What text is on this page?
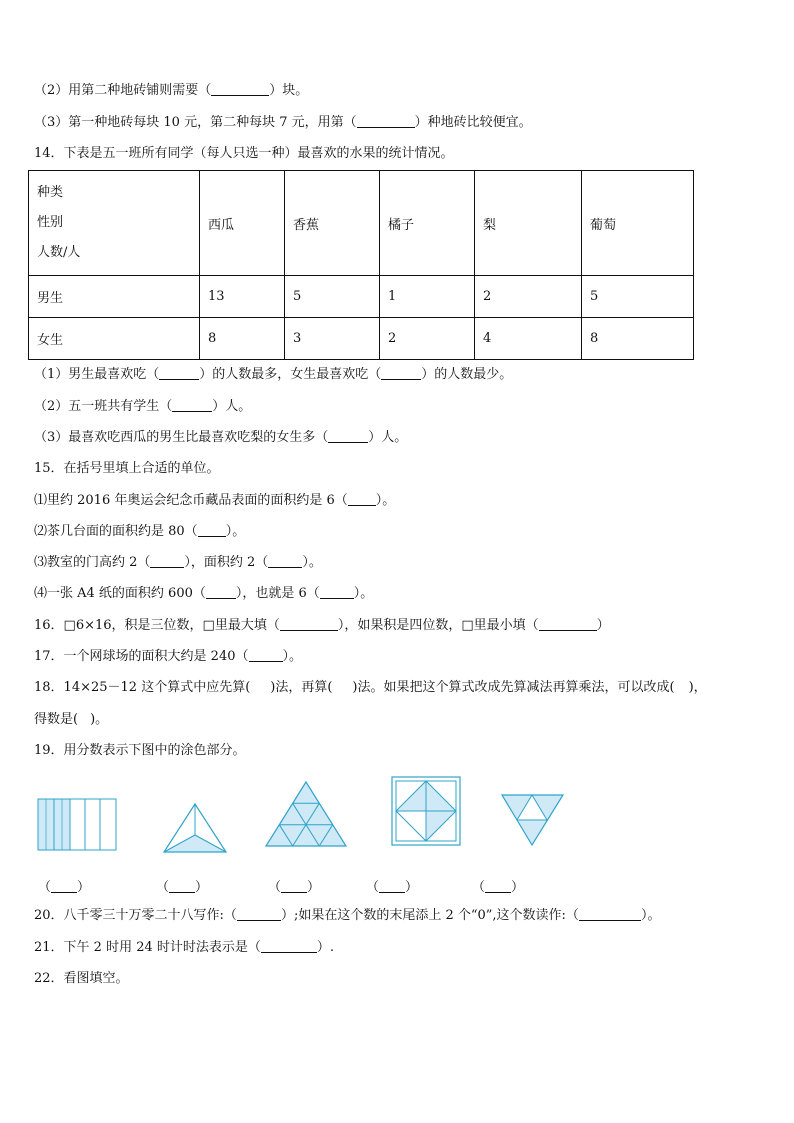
（2）用第二种地砖铺则需要（	）块。
（3）第一种地砖每块 10 元，第二种每块 7 元，用第（	）种地砖比较便宜。
14．下表是五一班所有同学（每人只选一种）最喜欢的水果的统计情况。
种类
性别
人数/人	西瓜	香蕉	橘子	梨	葡萄
男生	13	5	1	2	5
女生	8	3	2	4	8
（1）男生最喜欢吃（	）的人数最多，女生最喜欢吃（	）的人数最少。
（2）五一班共有学生（	）人。
（3）最喜欢吃西瓜的男生比最喜欢吃梨的女生多（	）人。
15．在括号里填上合适的单位。
⑴里约 2016 年奥运会纪念币藏品表面的面积约是 6（ ）。
⑵茶几台面的面积约是 80（ ）。
⑶教室的门高约 2（	），面积约 2（	）。
⑷一张 A4 纸的面积约 600（ ），也就是 6（	）。
16．□6×16，积是三位数，□里最大填（	），如果积是四位数，□里最小填（	）
17．一个网球场的面积大约是 240（	）。
18．14×25－12 这个算式中应先算( )法，再算( )法。如果把这个算式改成先算减法再算乘法，可以改成( )，
得数是( )。
19．用分数表示下图中的涂色部分。
（ ）	（ ）	（ ）	（ ）	（ ）
20．八千零三十万零二十八写作:（	）;如果在这个数的末尾添上 2 个“0”,这个数读作:（	）。
21．下午 2 时用 24 时计时法表示是（	）.
22．看图填空。
